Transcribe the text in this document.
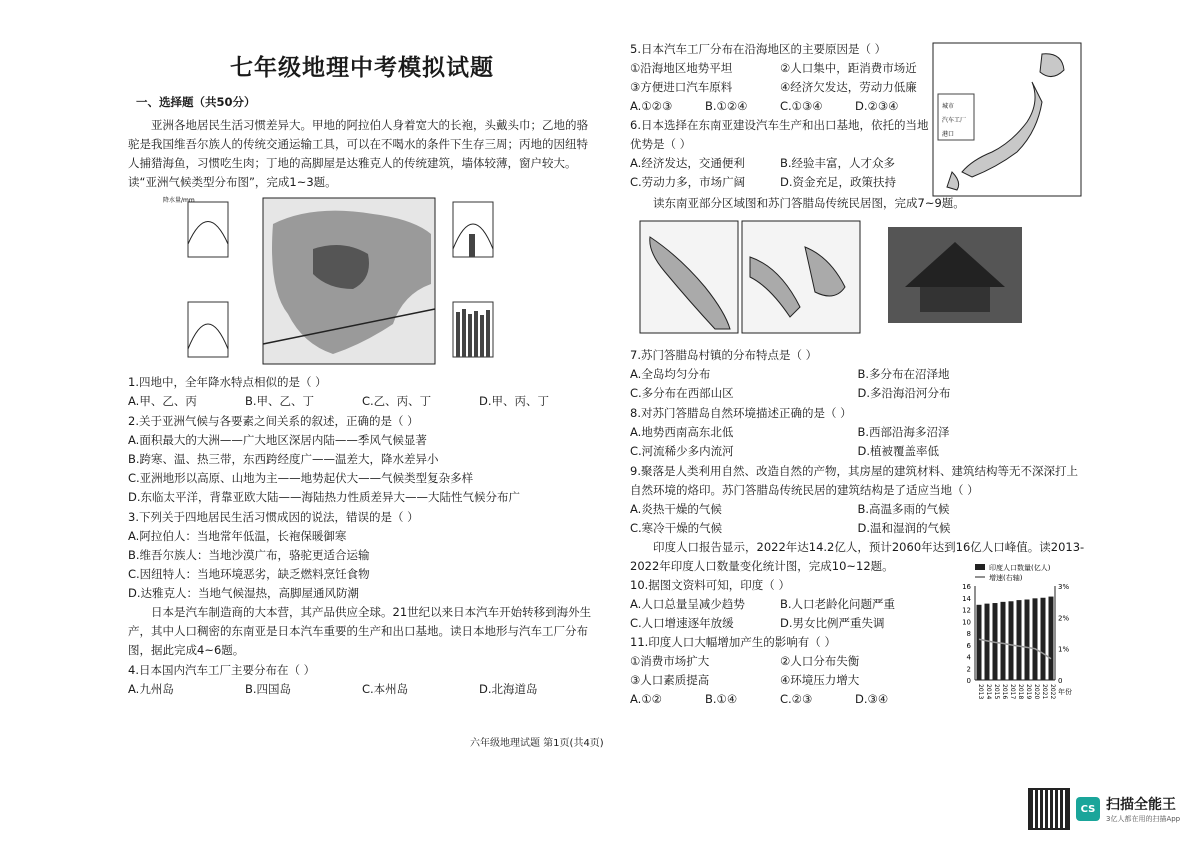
七年级地理中考模拟试题
一、选择题（共50分）
亚洲各地居民生活习惯差异大。甲地的阿拉伯人身着宽大的长袍，头戴头巾；乙地的骆驼是我国维吾尔族人的传统交通运输工具，可以在不喝水的条件下生存三周；丙地的因纽特人捕猎海鱼，习惯吃生肉；丁地的高脚屋是达雅克人的传统建筑，墙体较薄，窗户较大。读“亚洲气候类型分布图”，完成1~3题。
降水量/mm
1.四地中，全年降水特点相似的是（ ）
A.甲、乙、丙	B.甲、乙、丁	C.乙、丙、丁	D.甲、丙、丁
2.关于亚洲气候与各要素之间关系的叙述，正确的是（ ）
A.面积最大的大洲——广大地区深居内陆——季风气候显著
B.跨寒、温、热三带，东西跨经度广——温差大，降水差异小
C.亚洲地形以高原、山地为主——地势起伏大——气候类型复杂多样
D.东临太平洋，背靠亚欧大陆——海陆热力性质差异大——大陆性气候分布广
3.下列关于四地居民生活习惯成因的说法，错误的是（ ）
A.阿拉伯人：当地常年低温，长袍保暖御寒
B.维吾尔族人：当地沙漠广布，骆驼更适合运输
C.因纽特人：当地环境恶劣，缺乏燃料烹饪食物
D.达雅克人：当地气候湿热，高脚屋通风防潮
日本是汽车制造商的大本营，其产品供应全球。21世纪以来日本汽车开始转移到海外生产，其中人口稠密的东南亚是日本汽车重要的生产和出口基地。读日本地形与汽车工厂分布图，据此完成4~6题。
4.日本国内汽车工厂主要分布在（ ）
A.九州岛	B.四国岛	C.本州岛	D.北海道岛
5.日本汽车工厂分布在沿海地区的主要原因是（ ）
①沿海地区地势平坦	②人口集中，距消费市场近
③方便进口汽车原料	④经济欠发达，劳动力低廉
A.①②③	B.①②④	C.①③④	D.②③④
6.日本选择在东南亚建设汽车生产和出口基地，依托的当地优势是（ ）
A.经济发达，交通便利	B.经验丰富，人才众多
C.劳动力多，市场广阔	D.资金充足，政策扶持
城市
汽车工厂
港口
读东南亚部分区域图和苏门答腊岛传统民居图，完成7~9题。
7.苏门答腊岛村镇的分布特点是（ ）
A.全岛均匀分布	B.多分布在沼泽地
C.多分布在西部山区	D.多沿海沿河分布
8.对苏门答腊岛自然环境描述正确的是（ ）
A.地势西南高东北低	B.西部沿海多沼泽
C.河流稀少多内流河	D.植被覆盖率低
9.聚落是人类利用自然、改造自然的产物，其房屋的建筑材料、建筑结构等无不深深打上自然环境的烙印。苏门答腊岛传统民居的建筑结构是了适应当地（ ）
A.炎热干燥的气候	B.高温多雨的气候
C.寒冷干燥的气候	D.温和湿润的气候
印度人口报告显示，2022年达14.2亿人，预计2060年达到16亿人口峰值。读2013-2022年印度人口数量变化统计图，完成10~12题。
10.据图文资料可知，印度（ ）
A.人口总量呈减少趋势	B.人口老龄化问题严重
C.人口增速逐年放缓	D.男女比例严重失调
11.印度人口大幅增加产生的影响有（ ）
①消费市场扩大	②人口分布失衡
③人口素质提高	④环境压力增大
A.①②	B.①④	C.②③	D.③④
印度人口数量(亿人)
增速(右轴)
16
14
12
10
8
6
4
2
0
3%
2%
1%
0
2013 2014 2015 2016 2017 2018 2019 2020 2021 2022 年份
六年级地理试题 第1页(共4页)
CS 扫描全能王
3亿人都在用的扫描App
